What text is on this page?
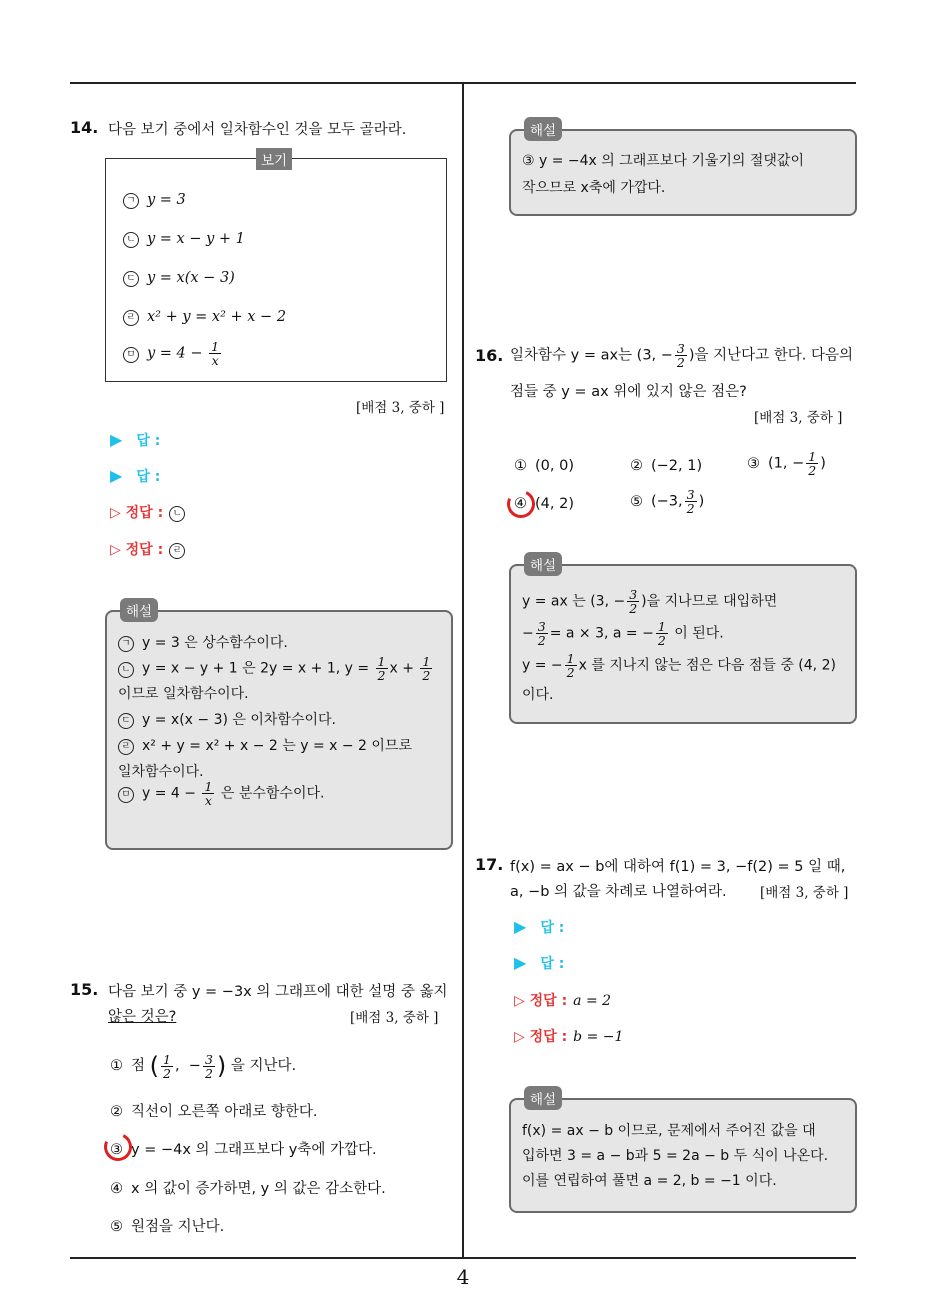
14. 다음 보기 중에서 일차함수인 것을 모두 골라라.
보기
ㄱ y = 3
ㄴ y = x − y + 1
ㄷ y = x(x − 3)
ㄹ x² + y = x² + x − 2
ㅁ $y = 4 - \frac{1}{x}$
[배점 3, 중하 ]
▶ 답 :
▶ 답 :
▷ 정답 : ㄴ
▷ 정답 : ㄹ
해설
ㄱ y = 3 은 상수함수이다.
ㄴ y = x − y + 1 은 2y = x + 1, $y = \frac{1}{2}$ $x + \frac{1}{2}$
이므로 일차함수이다.
ㄷ y = x(x − 3) 은 이차함수이다.
ㄹ x² + y = x² + x − 2 는 y = x − 2 이므로
일차함수이다.
ㅁ $y = 4 - \frac{1}{x}$ 은 분수함수이다.
15. 다음 보기 중 y = −3x 의 그래프에 대한 설명 중 옳지
않은 것은?	[배점 3, 중하 ]
① 점 ( $\frac{1}{2}$ ,  − $\frac{3}{2}$ ) 을 지난다.
② 직선이 오른쪽 아래로 향한다.
③ y = −4x 의 그래프보다 y축에 가깝다.
④ x 의 값이 증가하면, y 의 값은 감소한다.
⑤ 원점을 지난다.
해설
③ y = −4x 의 그래프보다 기울기의 절댓값이
작으므로 x축에 가깝다.
16. 일차함수 y = ax는 (3, − $\frac{3}{2}$ )을 지난다고 한다. 다음의
점들 중 y = ax 위에 있지 않은 점은?
[배점 3, 중하 ]
① (0, 0)	② (−2, 1)	③ (1, − $\frac{1}{2}$ )
④ (4, 2)	⑤ (−3, $\frac{3}{2}$ )
해설
y = ax 는 (3, − $\frac{3}{2}$ )을 지나므로 대입하면
− $\frac{3}{2} = a \times 3$, a = − $\frac{1}{2}$ 이 된다.
y = − $\frac{1}{2}$ x 를 지나지 않는 점은 다음 점들 중 (4, 2)
이다.
17. f(x) = ax − b에 대하여 f(1) = 3, −f(2) = 5 일 때,
a, −b 의 값을 차례로 나열하여라. [배점 3, 중하 ]
▶ 답 :
▶ 답 :
▷ 정답 : a = 2
▷ 정답 : b = −1
해설
f(x) = ax − b 이므로, 문제에서 주어진 값을 대
입하면 3 = a − b과 5 = 2a − b 두 식이 나온다.
이를 연립하여 풀면 a = 2, b = −1 이다.
4
